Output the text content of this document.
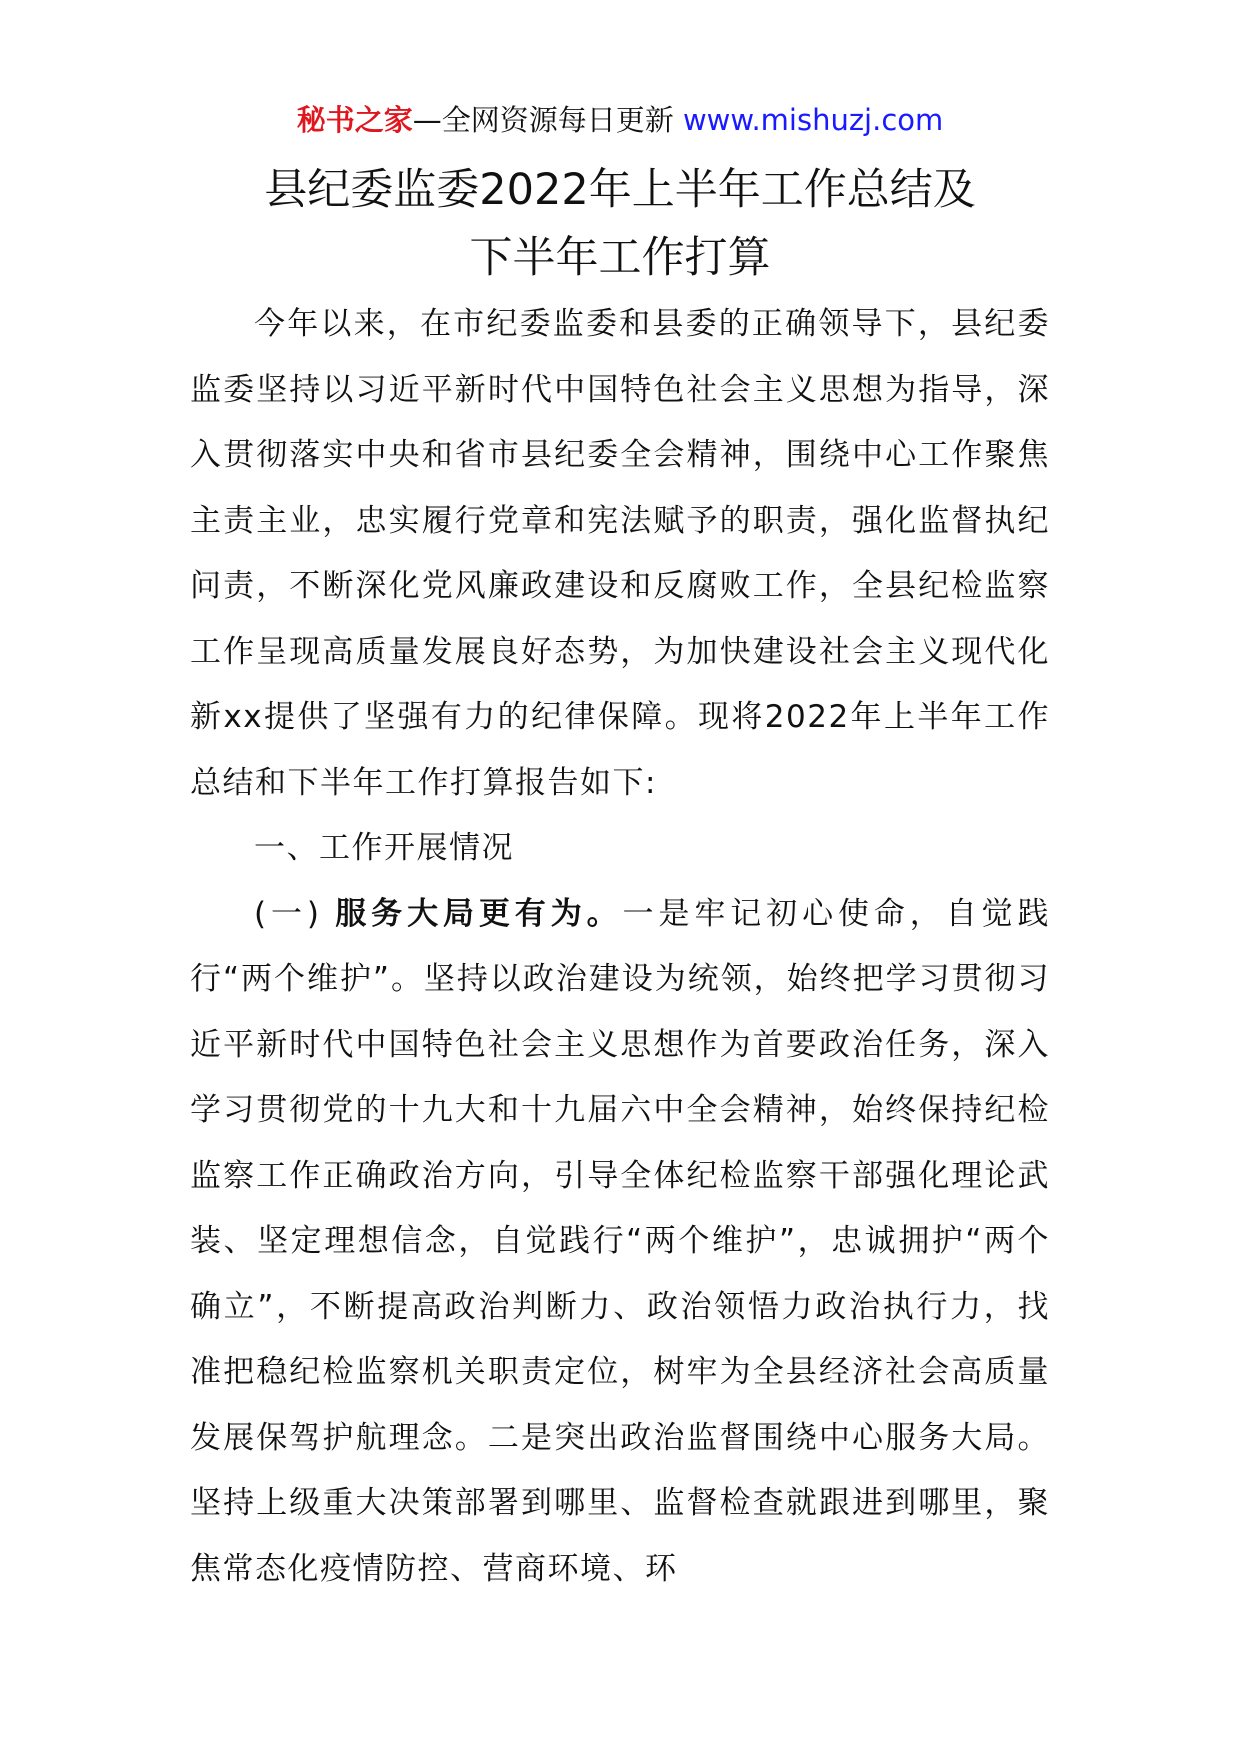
秘书之家—全网资源每日更新 www.mishuzj.com
县纪委监委2022年上半年工作总结及
下半年工作打算

今年以来，在市纪委监委和县委的正确领导下，县纪委监委坚持以习近平新时代中国特色社会主义思想为指导，深入贯彻落实中央和省市县纪委全会精神，围绕中心工作聚焦主责主业，忠实履行党章和宪法赋予的职责，强化监督执纪问责，不断深化党风廉政建设和反腐败工作，全县纪检监察工作呈现高质量发展良好态势，为加快建设社会主义现代化新xx提供了坚强有力的纪律保障。现将2022年上半年工作总结和下半年工作打算报告如下:

一、工作开展情况

(一) 服务大局更有为。一是牢记初心使命，自觉践行“两个维护”。坚持以政治建设为统领，始终把学习贯彻习近平新时代中国特色社会主义思想作为首要政治任务，深入学习贯彻党的十九大和十九届六中全会精神，始终保持纪检监察工作正确政治方向，引导全体纪检监察干部强化理论武装、坚定理想信念，自觉践行“两个维护”，忠诚拥护“两个确立”，不断提高政治判断力、政治领悟力政治执行力，找准把稳纪检监察机关职责定位，树牢为全县经济社会高质量发展保驾护航理念。二是突出政治监督围绕中心服务大局。坚持上级重大决策部署到哪里、监督检查就跟进到哪里，聚焦常态化疫情防控、营商环境、环
